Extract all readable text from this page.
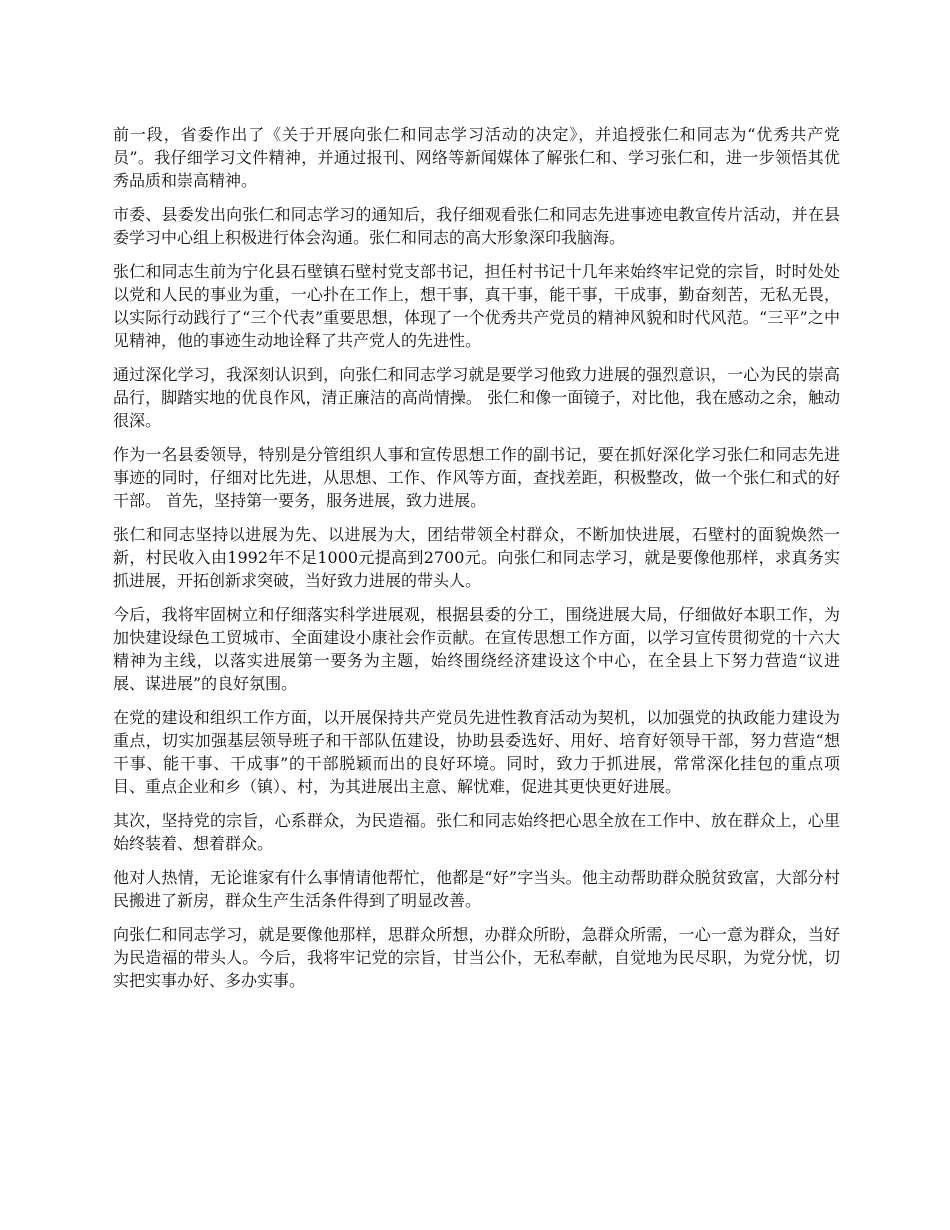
前一段，省委作出了《关于开展向张仁和同志学习活动的决定》，并追授张仁和同志为“优秀共产党员”。我仔细学习文件精神，并通过报刊、网络等新闻媒体了解张仁和、学习张仁和，进一步领悟其优秀品质和崇高精神。

市委、县委发出向张仁和同志学习的通知后，我仔细观看张仁和同志先进事迹电教宣传片活动，并在县委学习中心组上积极进行体会沟通。张仁和同志的高大形象深印我脑海。

张仁和同志生前为宁化县石壁镇石壁村党支部书记，担任村书记十几年来始终牢记党的宗旨，时时处处以党和人民的事业为重，一心扑在工作上，想干事，真干事，能干事，干成事，勤奋刻苦，无私无畏，以实际行动践行了“三个代表”重要思想，体现了一个优秀共产党员的精神风貌和时代风范。“三平”之中见精神，他的事迹生动地诠释了共产党人的先进性。

通过深化学习，我深刻认识到，向张仁和同志学习就是要学习他致力进展的强烈意识，一心为民的崇高品行，脚踏实地的优良作风，清正廉洁的高尚情操。 张仁和像一面镜子，对比他，我在感动之余，触动很深。

作为一名县委领导，特别是分管组织人事和宣传思想工作的副书记，要在抓好深化学习张仁和同志先进事迹的同时，仔细对比先进，从思想、工作、作风等方面，查找差距，积极整改，做一个张仁和式的好干部。 首先，坚持第一要务，服务进展，致力进展。

张仁和同志坚持以进展为先、以进展为大，团结带领全村群众，不断加快进展，石壁村的面貌焕然一新，村民收入由1992年不足1000元提高到2700元。向张仁和同志学习，就是要像他那样，求真务实抓进展，开拓创新求突破，当好致力进展的带头人。

今后，我将牢固树立和仔细落实科学进展观，根据县委的分工，围绕进展大局，仔细做好本职工作，为加快建设绿色工贸城市、全面建设小康社会作贡献。在宣传思想工作方面，以学习宣传贯彻党的十六大精神为主线，以落实进展第一要务为主题，始终围绕经济建设这个中心，在全县上下努力营造“议进展、谋进展”的良好氛围。

在党的建设和组织工作方面，以开展保持共产党员先进性教育活动为契机，以加强党的执政能力建设为重点，切实加强基层领导班子和干部队伍建设，协助县委选好、用好、培育好领导干部，努力营造“想干事、能干事、干成事”的干部脱颖而出的良好环境。同时，致力于抓进展，常常深化挂包的重点项目、重点企业和乡（镇）、村，为其进展出主意、解忧难，促进其更快更好进展。

其次，坚持党的宗旨，心系群众，为民造福。张仁和同志始终把心思全放在工作中、放在群众上，心里始终装着、想着群众。

他对人热情，无论谁家有什么事情请他帮忙，他都是“好”字当头。他主动帮助群众脱贫致富，大部分村民搬进了新房，群众生产生活条件得到了明显改善。

向张仁和同志学习，就是要像他那样，思群众所想，办群众所盼，急群众所需，一心一意为群众，当好为民造福的带头人。今后，我将牢记党的宗旨，甘当公仆，无私奉献，自觉地为民尽职，为党分忧，切实把实事办好、多办实事。
